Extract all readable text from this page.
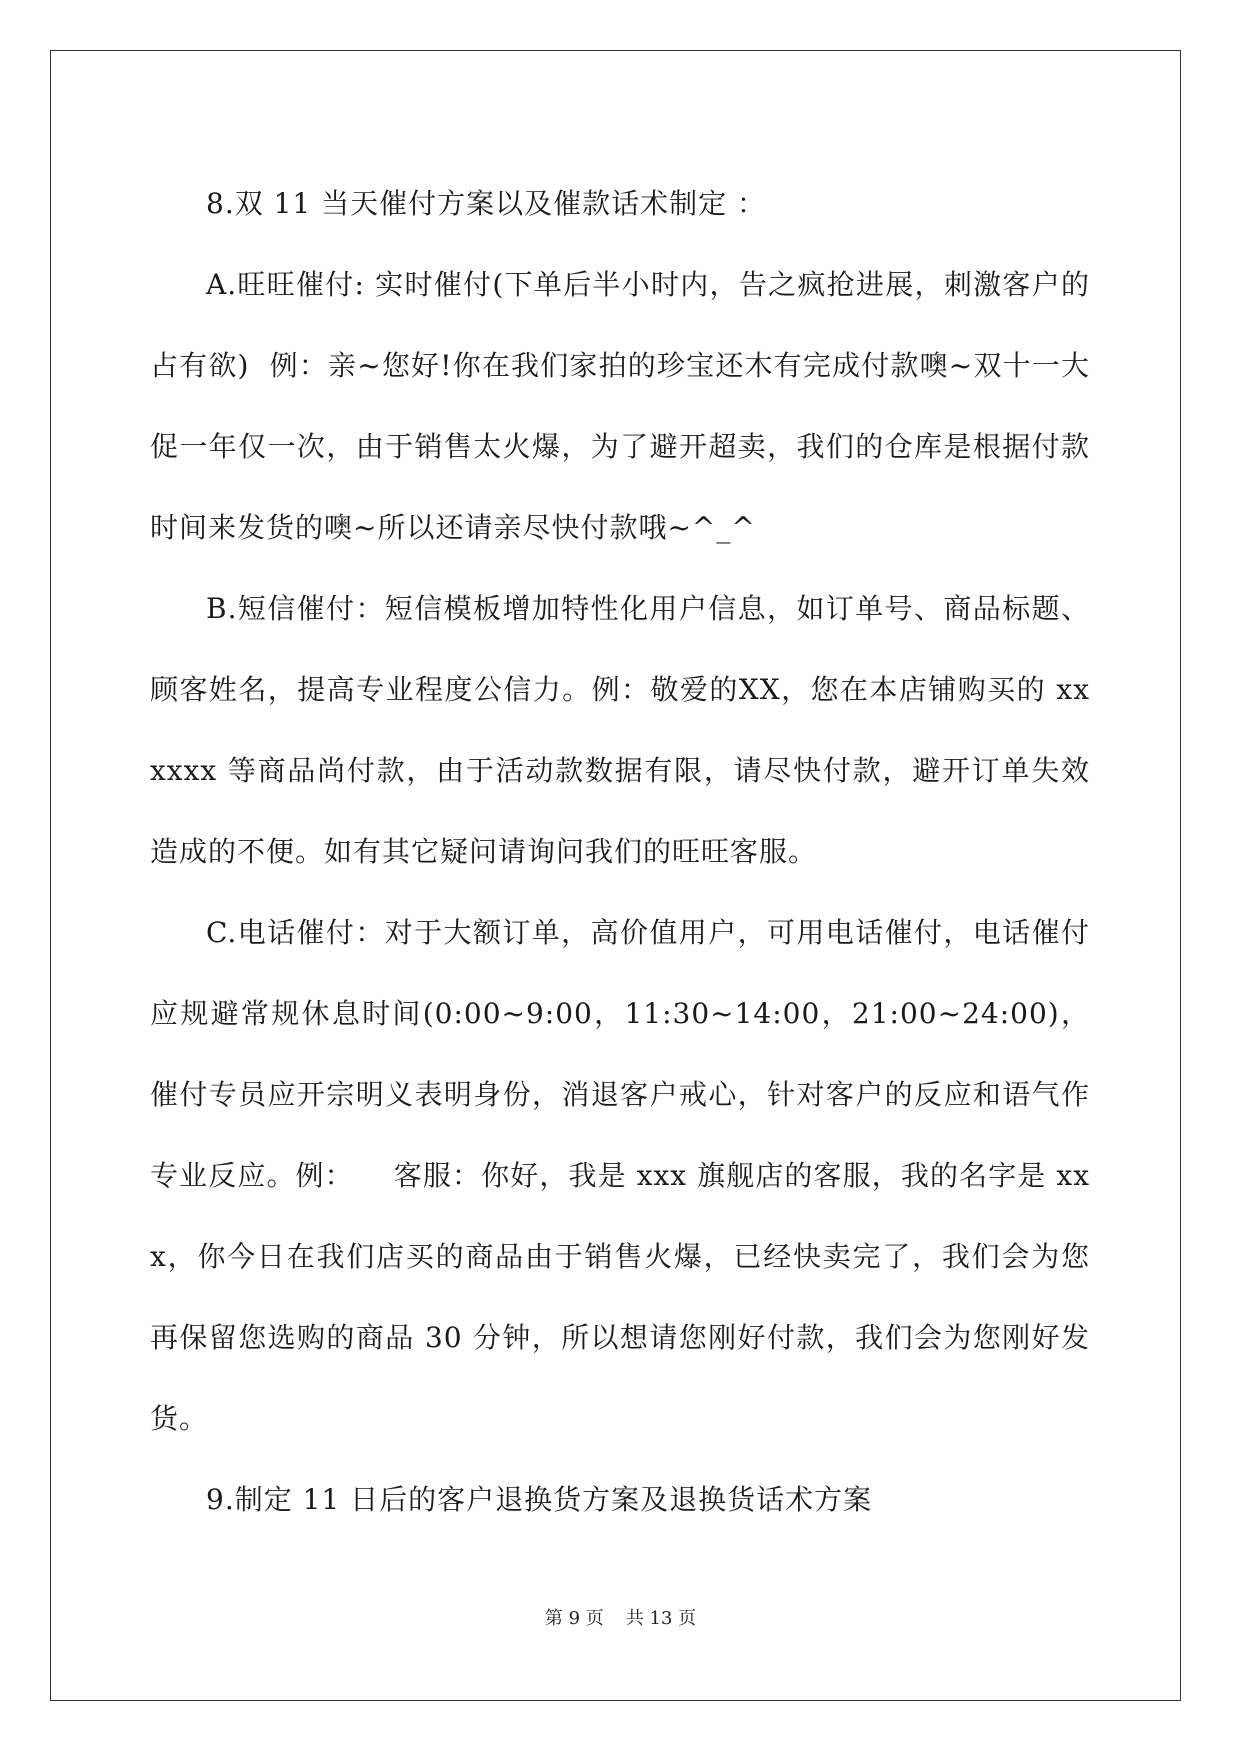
8.双 11 当天催付方案以及催款话术制定 ：

A.旺旺催付: 实时催付(下单后半小时内，告之疯抢进展，刺激客户的占有欲)  例：亲~您好!你在我们家拍的珍宝还木有完成付款噢~双十一大促一年仅一次，由于销售太火爆，为了避开超卖，我们的仓库是根据付款时间来发货的噢~所以还请亲尽快付款哦~^_^

B.短信催付：短信模板增加特性化用户信息，如订单号、商品标题、顾客姓名，提高专业程度公信力。例：敬爱的XX，您在本店铺购买的 xxxxxx 等商品尚付款，由于活动款数据有限，请尽快付款，避开订单失效造成的不便。如有其它疑问请询问我们的旺旺客服。

C.电话催付：对于大额订单，高价值用户，可用电话催付，电话催付应规避常规休息时间(0:00~9:00，11:30~14:00，21:00~24:00)，催付专员应开宗明义表明身份，消退客户戒心，针对客户的反应和语气作专业反应。例：    客服：你好，我是 xxx 旗舰店的客服，我的名字是 xxx，你今日在我们店买的商品由于销售火爆，已经快卖完了，我们会为您再保留您选购的商品 30 分钟，所以想请您刚好付款，我们会为您刚好发货。

9.制定 11 日后的客户退换货方案及退换货话术方案

第 9 页 共 13 页
